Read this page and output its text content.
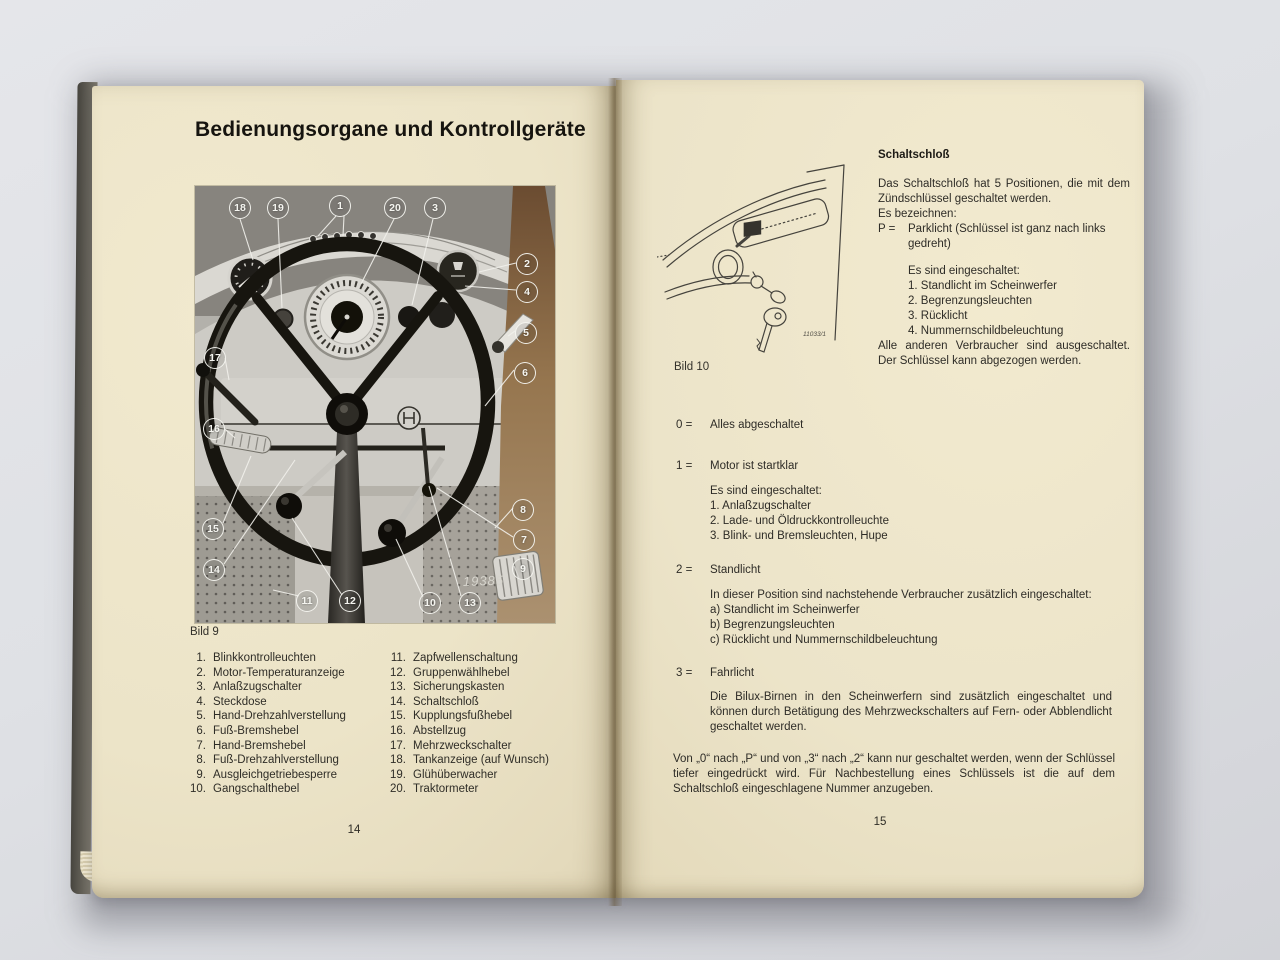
Bedienungsorgane und Kontrollgeräte
19385
18	19	1	20	3
2
4
5
6
17
16
15
14
11	12	10	13
8
7
9
Bild 9
1. Blinkkontrolleuchten
2. Motor-Temperaturanzeige
3. Anlaßzugschalter
4. Steckdose
5. Hand-Drehzahlverstellung
6. Fuß-Bremshebel
7. Hand-Bremshebel
8. Fuß-Drehzahlverstellung
9. Ausgleichgetriebesperre
10. Gangschalthebel
11. Zapfwellenschaltung
12. Gruppenwählhebel
13. Sicherungskasten
14. Schaltschloß
15. Kupplungsfußhebel
16. Abstellzug
17. Mehrzweckschalter
18. Tankanzeige (auf Wunsch)
19. Glühüberwacher
20. Traktormeter
14
11033/1
Bild 10
Schaltschloß

Das Schaltschloß hat 5 Positionen, die mit dem Zündschlüssel geschaltet werden.

Es bezeichnen:

P =	Parklicht (Schlüssel ist ganz nach links gedreht)
Es sind eingeschaltet:
1. Standlicht im Scheinwerfer
2. Begrenzungsleuchten
3. Rücklicht
4. Nummernschildbeleuchtung

Alle anderen Verbraucher sind ausgeschaltet. Der Schlüssel kann abgezogen werden.

0 =	Alles abgeschaltet
1 =	Motor ist startklar
Es sind eingeschaltet:
1. Anlaßzugschalter
2. Lade- und Öldruckkontrolleuchte
3. Blink- und Bremsleuchten, Hupe
2 =	Standlicht
In dieser Position sind nachstehende Verbraucher zusätzlich eingeschaltet:
a) Standlicht im Scheinwerfer
b) Begrenzungsleuchten
c) Rücklicht und Nummernschildbeleuchtung
3 =	Fahrlicht
Die Bilux-Birnen in den Scheinwerfern sind zusätzlich eingeschaltet und können durch Betätigung des Mehrzweckschalters auf Fern- oder Abblendlicht geschaltet werden.
Von „0“ nach „P“ und von „3“ nach „2“ kann nur geschaltet werden, wenn der Schlüssel tiefer eingedrückt wird. Für Nachbestellung eines Schlüssels ist die auf dem Schaltschloß eingeschlagene Nummer anzugeben.
15
